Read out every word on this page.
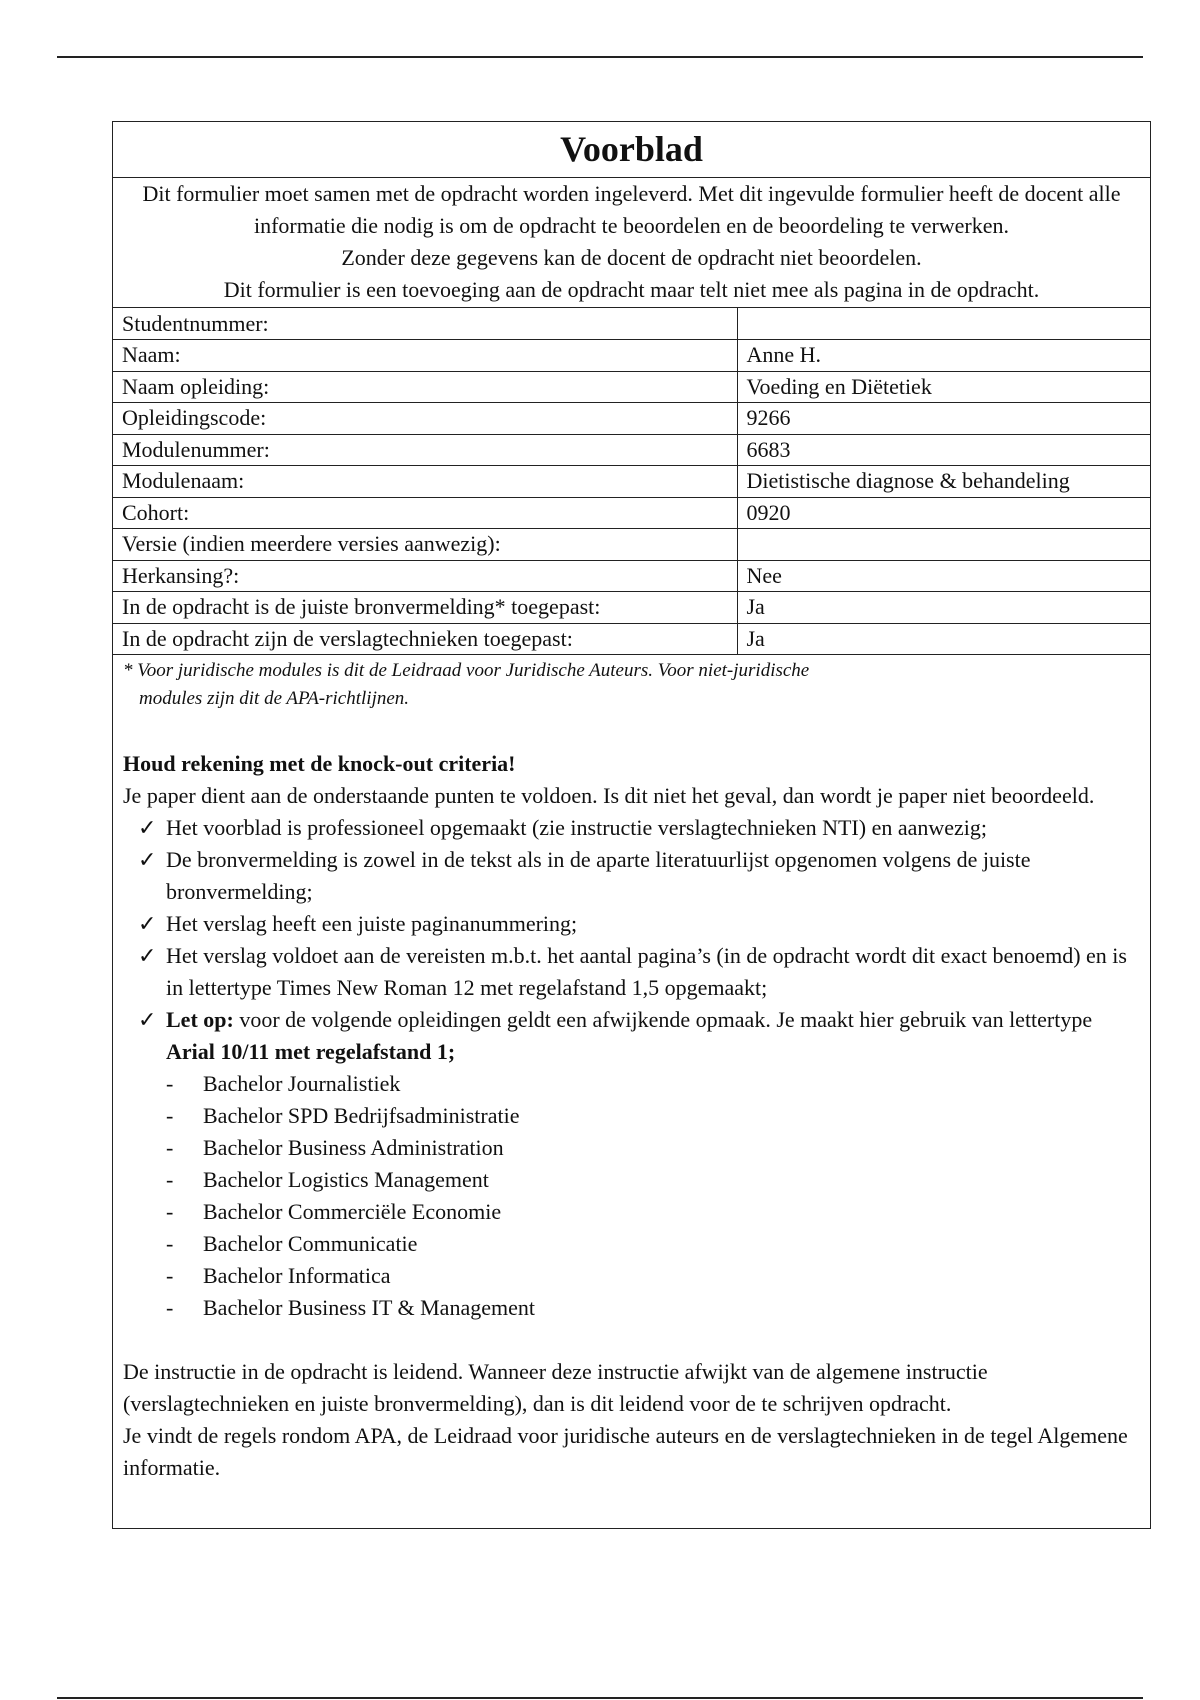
Voorblad

Dit formulier moet samen met de opdracht worden ingeleverd. Met dit ingevulde formulier heeft de docent alle informatie die nodig is om de opdracht te beoordelen en de beoordeling te verwerken.

Zonder deze gegevens kan de docent de opdracht niet beoordelen.

Dit formulier is een toevoeging aan de opdracht maar telt niet mee als pagina in de opdracht.

Studentnummer:	
Naam:	Anne H.
Naam opleiding:	Voeding en Diëtetiek
Opleidingscode:	9266
Modulenummer:	6683
Modulenaam:	Dietistische diagnose & behandeling
Cohort:	0920
Versie (indien meerdere versies aanwezig):	
Herkansing?:	Nee
In de opdracht is de juiste bronvermelding* toegepast:	Ja
In de opdracht zijn de verslagtechnieken toegepast:	Ja
* Voor juridische modules is dit de Leidraad voor Juridische Auteurs. Voor niet-juridische
modules zijn dit de APA-richtlijnen.
Houd rekening met de knock-out criteria!

Je paper dient aan de onderstaande punten te voldoen. Is dit niet het geval, dan wordt je paper niet beoordeeld.

✓ Het voorblad is professioneel opgemaakt (zie instructie verslagtechnieken NTI) en aanwezig;
✓ De bronvermelding is zowel in de tekst als in de aparte literatuurlijst opgenomen volgens de juiste bronvermelding;
✓ Het verslag heeft een juiste paginanummering;
✓ Het verslag voldoet aan de vereisten m.b.t. het aantal pagina’s (in de opdracht wordt dit exact benoemd) en is in lettertype Times New Roman 12 met regelafstand 1,5 opgemaakt;
✓ Let op: voor de volgende opleidingen geldt een afwijkende opmaak. Je maakt hier gebruik van lettertype Arial 10/11 met regelafstand 1;
-	Bachelor Journalistiek
-	Bachelor SPD Bedrijfsadministratie
-	Bachelor Business Administration
-	Bachelor Logistics Management
-	Bachelor Commerciële Economie
-	Bachelor Communicatie
-	Bachelor Informatica
-	Bachelor Business IT & Management

De instructie in de opdracht is leidend. Wanneer deze instructie afwijkt van de algemene instructie (verslagtechnieken en juiste bronvermelding), dan is dit leidend voor de te schrijven opdracht.

Je vindt de regels rondom APA, de Leidraad voor juridische auteurs en de verslagtechnieken in de tegel Algemene informatie.
